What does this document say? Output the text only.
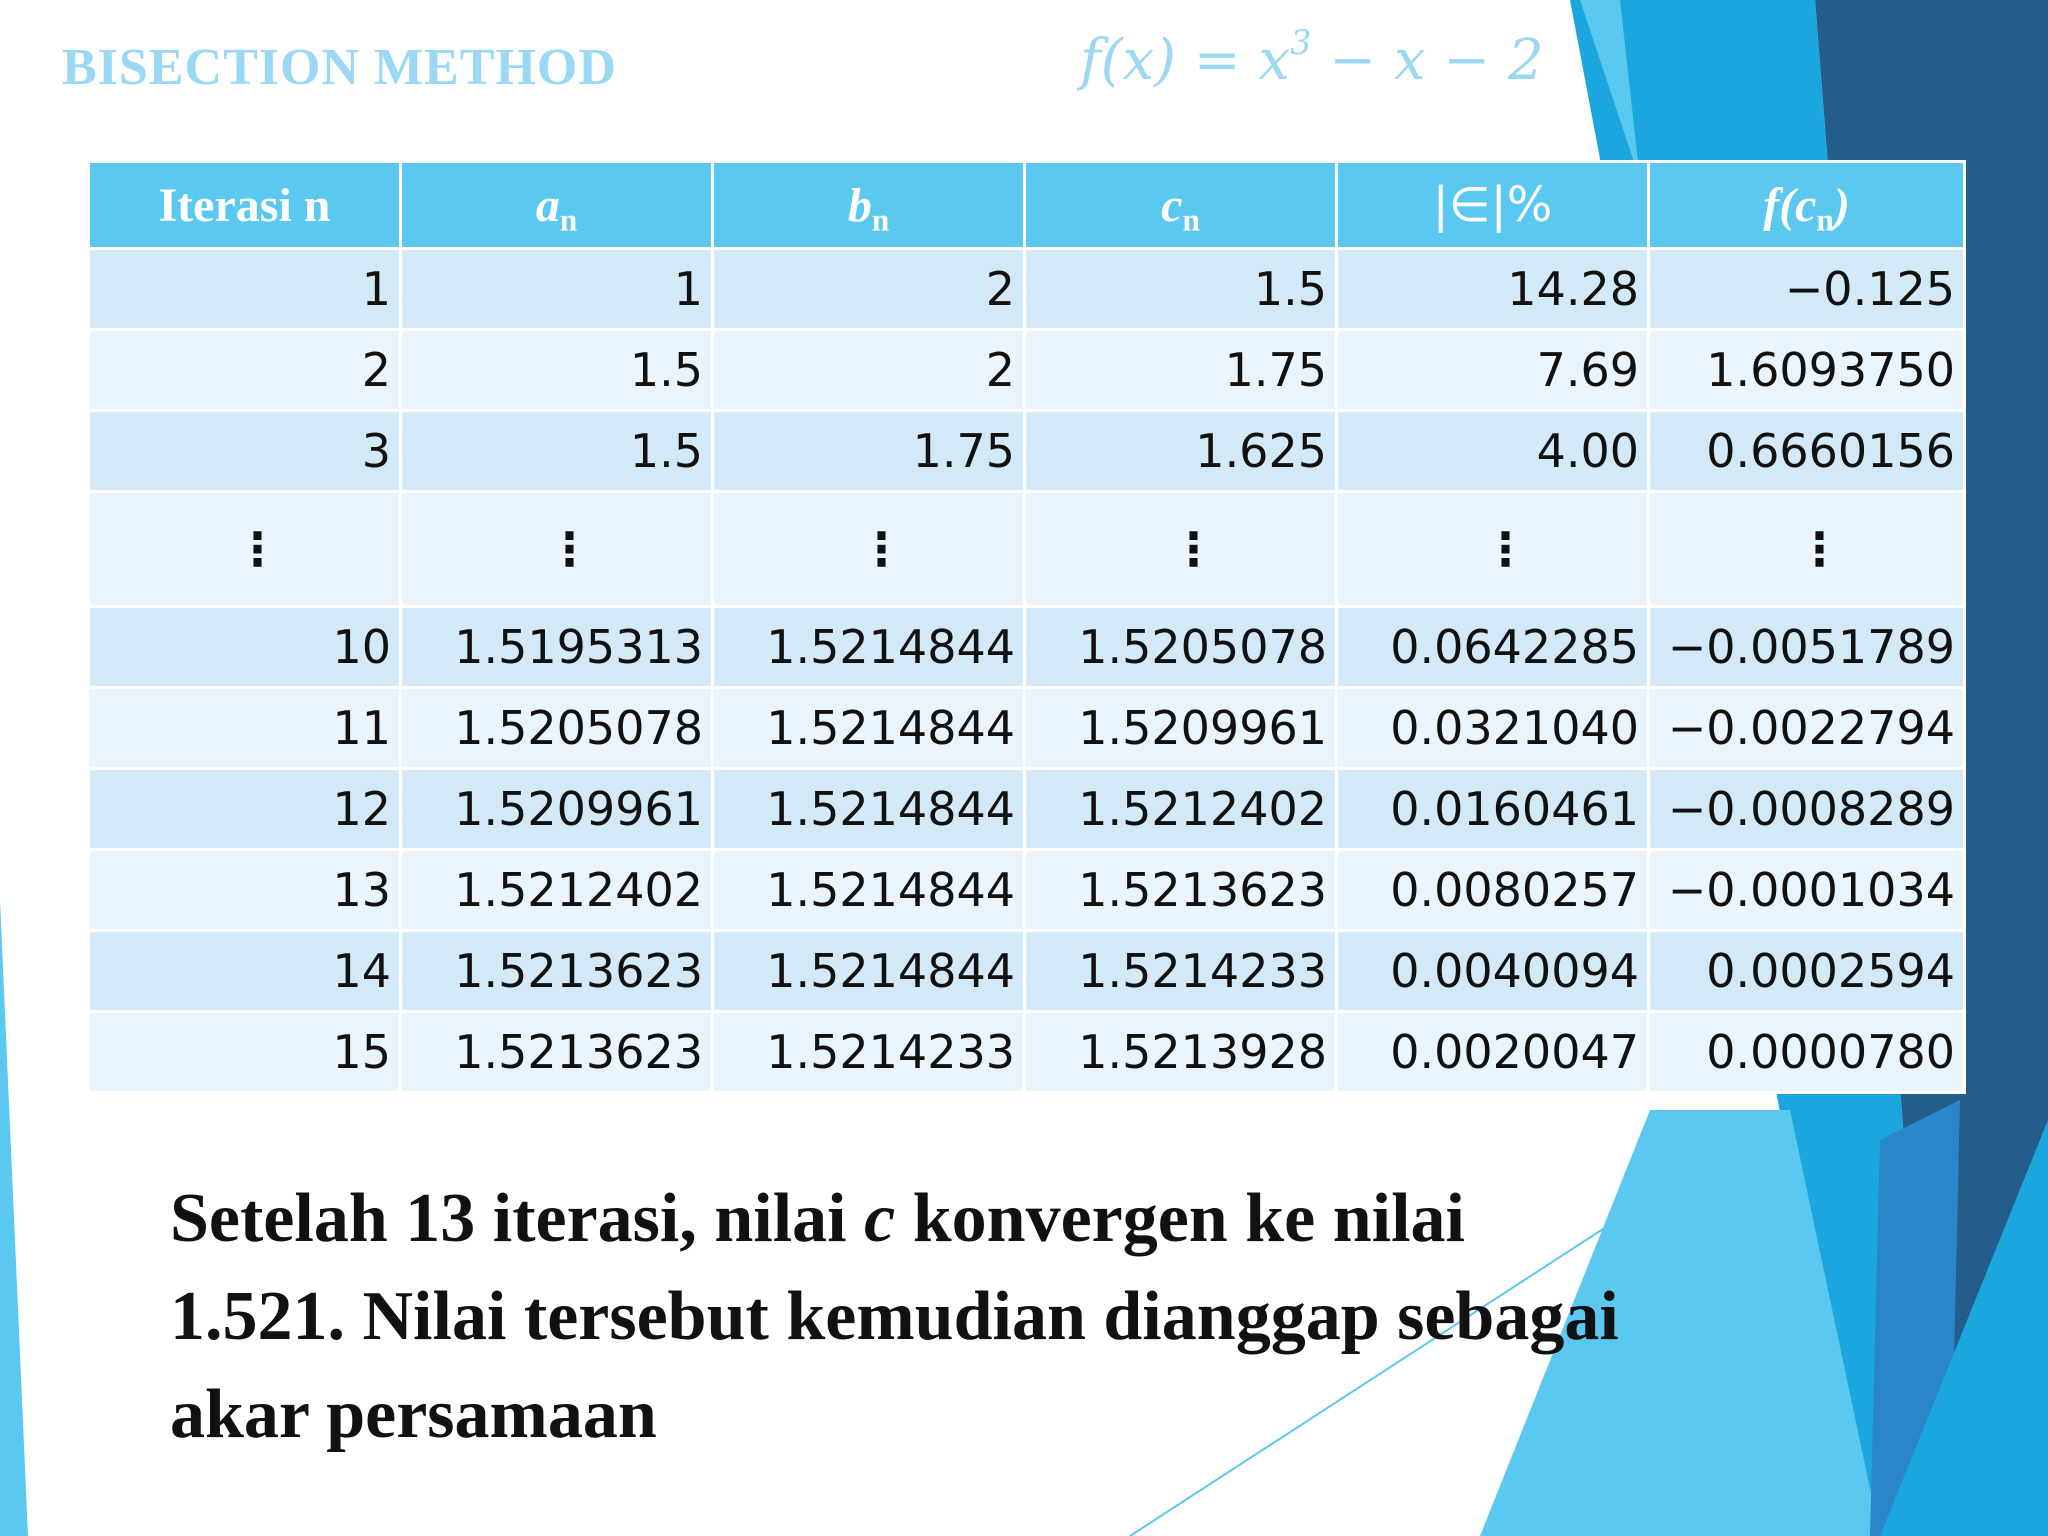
BISECTION METHOD	$f(x) = x^3 - x - 2$
Iterasi n	$a_n$	$b_n$	$c_n$	|∈|%	$f(c_n)$
1	1	2	1.5	14.28	−0.125
2	1.5	2	1.75	7.69	1.6093750
3	1.5	1.75	1.625	4.00	0.6660156
⋮	⋮	⋮	⋮	⋮	⋮
10	1.5195313	1.5214844	1.5205078	0.0642285	−0.0051789
11	1.5205078	1.5214844	1.5209961	0.0321040	−0.0022794
12	1.5209961	1.5214844	1.5212402	0.0160461	−0.0008289
13	1.5212402	1.5214844	1.5213623	0.0080257	−0.0001034
14	1.5213623	1.5214844	1.5214233	0.0040094	0.0002594
15	1.5213623	1.5214233	1.5213928	0.0020047	0.0000780
Setelah 13 iterasi, nilai c konvergen ke nilai 1.521. Nilai tersebut kemudian dianggap sebagai akar persamaan
